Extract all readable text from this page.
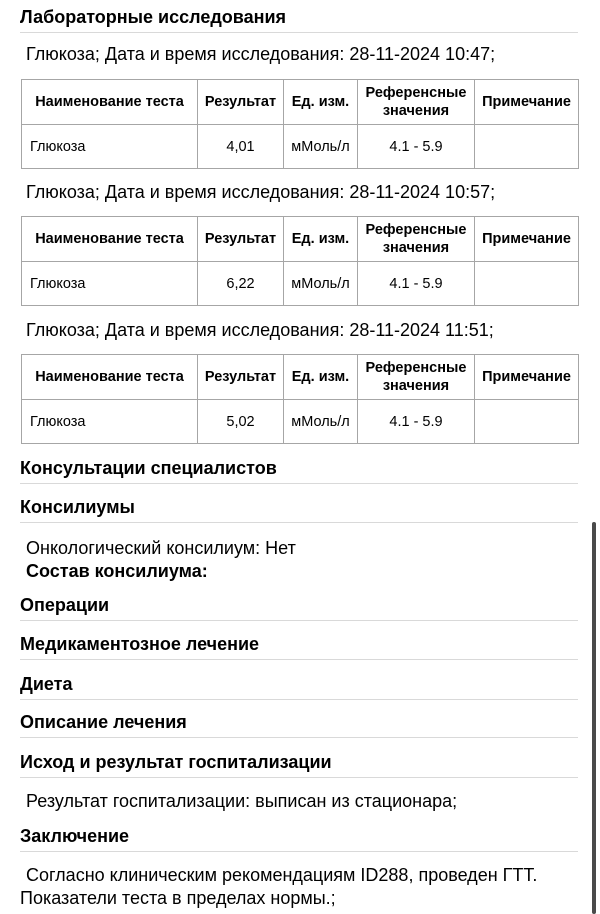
Лабораторные исследования
Глюкоза; Дата и время исследования: 28-11-2024 10:47;
Наименование теста	Результат	Ед. изм.	Референсные значения	Примечание
Глюкоза	4,01	мМоль/л	4.1 - 5.9	
Глюкоза; Дата и время исследования: 28-11-2024 10:57;
Наименование теста	Результат	Ед. изм.	Референсные значения	Примечание
Глюкоза	6,22	мМоль/л	4.1 - 5.9	
Глюкоза; Дата и время исследования: 28-11-2024 11:51;
Наименование теста	Результат	Ед. изм.	Референсные значения	Примечание
Глюкоза	5,02	мМоль/л	4.1 - 5.9	
Консультации специалистов
Консилиумы
Онкологический консилиум: Нет
Состав консилиума:
Операции
Медикаментозное лечение
Диета
Описание лечения
Исход и результат госпитализации
Результат госпитализации: выписан из стационара;
Заключение
Согласно клиническим рекомендациям ID288, проведен ГТТ. Показатели теста в пределах нормы.;
